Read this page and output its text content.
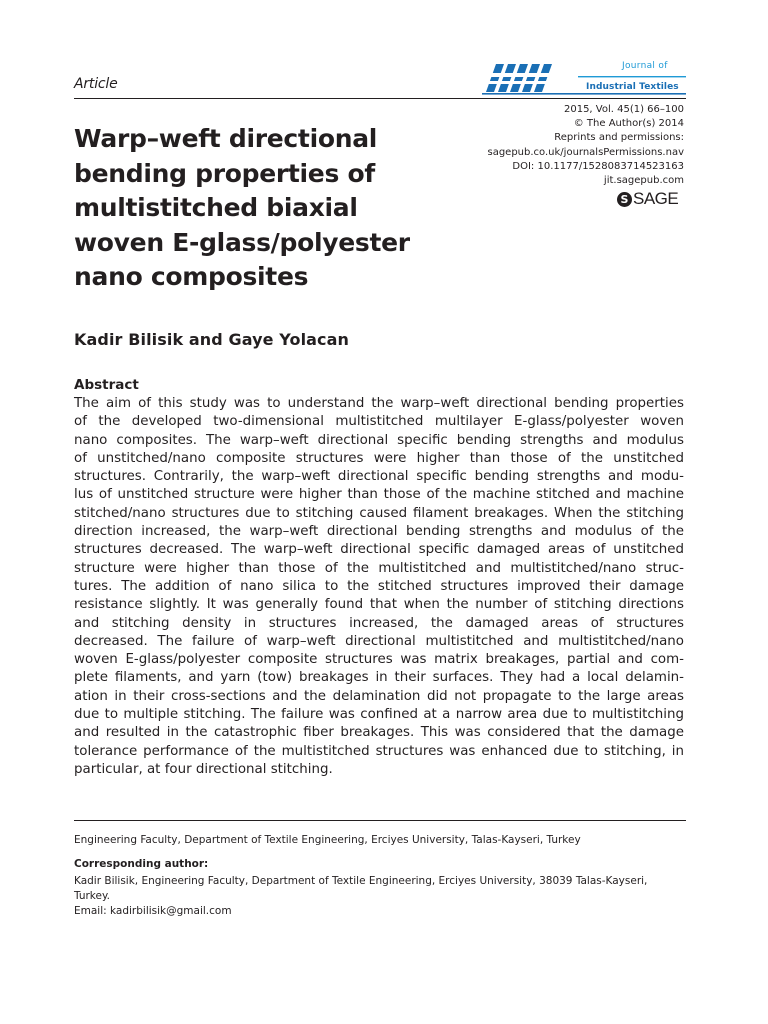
Article
Journal of
Industrial Textiles
2015, Vol. 45(1) 66–100
© The Author(s) 2014
Reprints and permissions:
sagepub.co.uk/journalsPermissions.nav
DOI: 10.1177/1528083714523163
jit.sagepub.com
S SAGE
Warp–weft directional
bending properties of
multistitched biaxial
woven E-glass/polyester
nano composites
Kadir Bilisik and Gaye Yolacan
Abstract
The aim of this study was to understand the warp–weft directional bending properties
of the developed two-dimensional multistitched multilayer E-glass/polyester woven
nano composites. The warp–weft directional specific bending strengths and modulus
of unstitched/nano composite structures were higher than those of the unstitched
structures. Contrarily, the warp–weft directional specific bending strengths and modu-
lus of unstitched structure were higher than those of the machine stitched and machine
stitched/nano structures due to stitching caused filament breakages. When the stitching
direction increased, the warp–weft directional bending strengths and modulus of the
structures decreased. The warp–weft directional specific damaged areas of unstitched
structure were higher than those of the multistitched and multistitched/nano struc-
tures. The addition of nano silica to the stitched structures improved their damage
resistance slightly. It was generally found that when the number of stitching directions
and stitching density in structures increased, the damaged areas of structures
decreased. The failure of warp–weft directional multistitched and multistitched/nano
woven E-glass/polyester composite structures was matrix breakages, partial and com-
plete filaments, and yarn (tow) breakages in their surfaces. They had a local delamin-
ation in their cross-sections and the delamination did not propagate to the large areas
due to multiple stitching. The failure was confined at a narrow area due to multistitching
and resulted in the catastrophic fiber breakages. This was considered that the damage
tolerance performance of the multistitched structures was enhanced due to stitching, in
particular, at four directional stitching.
Engineering Faculty, Department of Textile Engineering, Erciyes University, Talas-Kayseri, Turkey
Corresponding author:
Kadir Bilisik, Engineering Faculty, Department of Textile Engineering, Erciyes University, 38039 Talas-Kayseri,
Turkey.
Email: kadirbilisik@gmail.com
